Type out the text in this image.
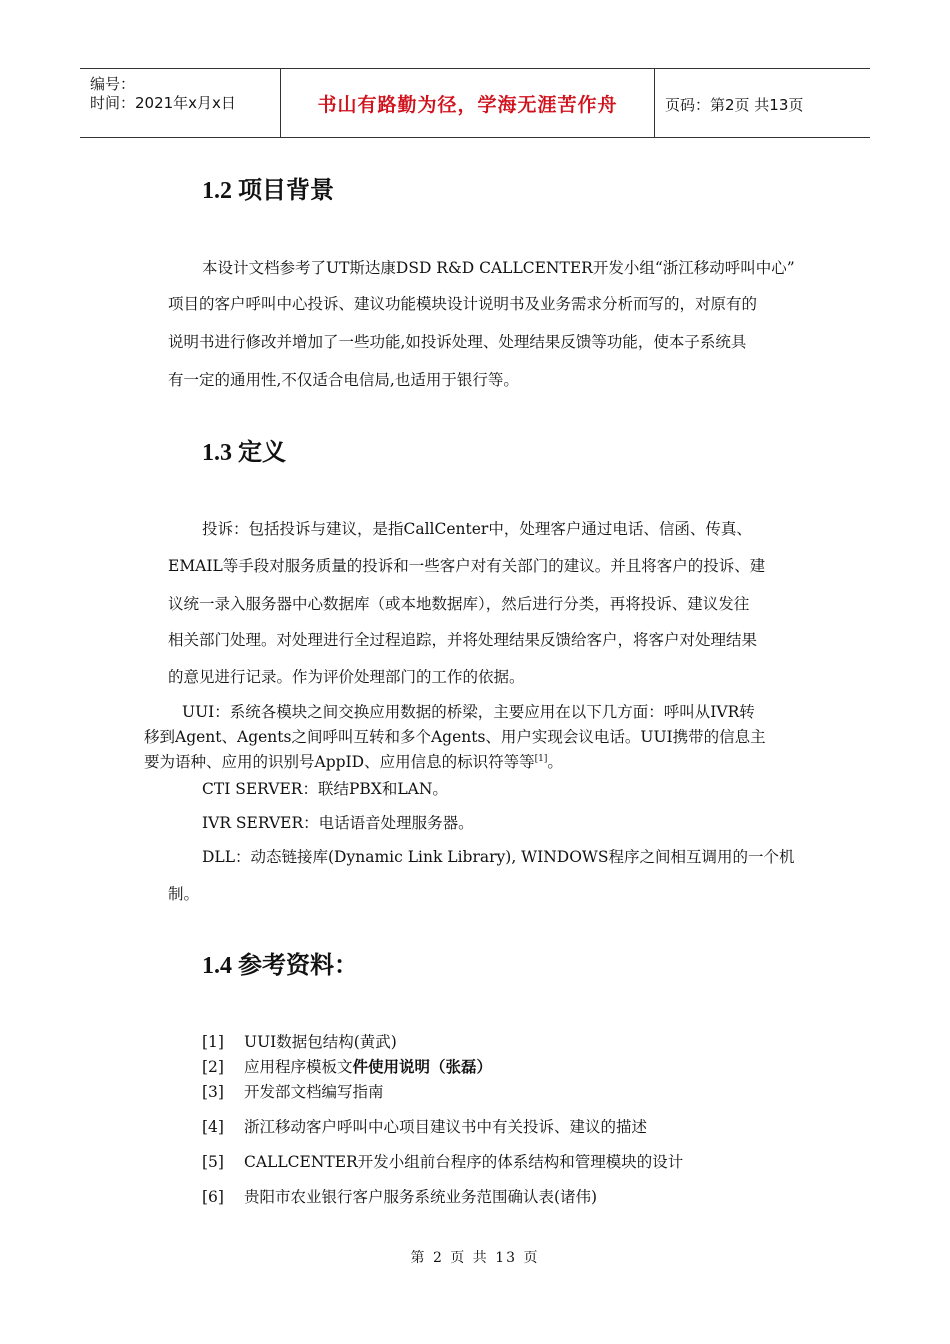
编号：
时间：2021年x月x日	书山有路勤为径，学海无涯苦作舟	页码：第2页 共13页
1.2 项目背景
本设计文档参考了UT斯达康DSD R&D CALLCENTER开发小组“浙江移动呼叫中心”
项目的客户呼叫中心投诉、建议功能模块设计说明书及业务需求分析而写的，对原有的
说明书进行修改并增加了一些功能,如投诉处理、处理结果反馈等功能，使本子系统具
有一定的通用性,不仅适合电信局,也适用于银行等。
1.3 定义
投诉：包括投诉与建议，是指CallCenter中，处理客户通过电话、信函、传真、
EMAIL等手段对服务质量的投诉和一些客户对有关部门的建议。并且将客户的投诉、建
议统一录入服务器中心数据库（或本地数据库），然后进行分类，再将投诉、建议发往
相关部门处理。对处理进行全过程追踪，并将处理结果反馈给客户，将客户对处理结果
的意见进行记录。作为评价处理部门的工作的依据。
UUI：系统各模块之间交换应用数据的桥梁，主要应用在以下几方面：呼叫从IVR转
移到Agent、Agents之间呼叫互转和多个Agents、用户实现会议电话。UUI携带的信息主
要为语种、应用的识别号AppID、应用信息的标识符等等[1]。
CTI SERVER：联结PBX和LAN。
IVR SERVER：电话语音处理服务器。
DLL：动态链接库(Dynamic Link Library), WINDOWS程序之间相互调用的一个机
制。
1.4 参考资料：
[1] UUI数据包结构(黄武)
[2] 应用程序模板文件使用说明（张磊）
[3] 开发部文档编写指南
[4] 浙江移动客户呼叫中心项目建议书中有关投诉、建议的描述
[5] CALLCENTER开发小组前台程序的体系结构和管理模块的设计
[6] 贵阳市农业银行客户服务系统业务范围确认表(诸伟)
第 2 页 共 13 页
